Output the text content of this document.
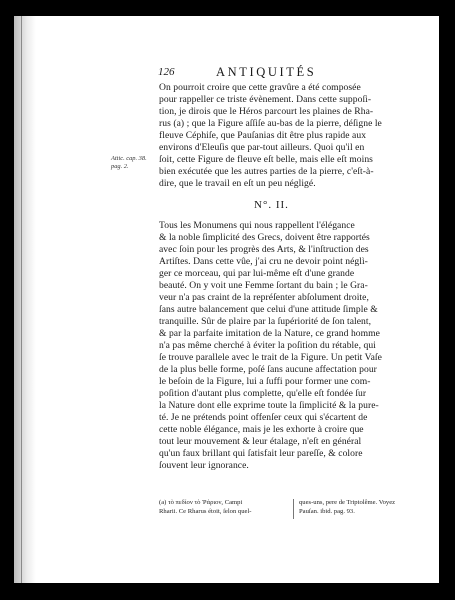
126	ANTIQUITÉS
Attic. cap. 38.
pag. 2.
On pourroit croire que cette gravûre a été composée
pour rappeller ce triste évènement. Dans cette suppoſi-
tion, je dirois que le Héros parcourt les plaines de Rha-
rus (a) ; que la Figure aſſiſe au-bas de la pierre, déſigne le
fleuve Céphiſe, que Pauſanias dit être plus rapide aux
environs d'Eleuſis que par-tout ailleurs. Quoi qu'il en
ſoit, cette Figure de fleuve eſt belle, mais elle eſt moins
bien exécutée que les autres parties de la pierre, c'eſt-à-
dire, que le travail en eſt un peu négligé.
N°. II.
Tous les Monumens qui nous rappellent l'élégance
& la noble ſimplicité des Grecs, doivent être rapportés
avec ſoin pour les progrès des Arts, & l'inſtruction des
Artiſtes. Dans cette vûe, j'ai cru ne devoir point néglì-
ger ce morceau, qui par lui-même eſt d'une grande
beauté. On y voit une Femme ſortant du bain ; le Gra-
veur n'a pas craint de la repréſenter abſolument droite,
ſans autre balancement que celui d'une attitude ſimple &
tranquille. Sûr de plaire par la ſupériorité de ſon talent,
& par la parfaite imitation de la Nature, ce grand homme
n'a pas même cherché à éviter la poſition du rétable, qui
ſe trouve parallele avec le trait de la Figure. Un petit Vaſe
de la plus belle forme, poſé ſans aucune affectation pour
le beſoin de la Figure, lui a ſuffi pour former une com-
poſition d'autant plus complette, qu'elle eſt fondée ſur
la Nature dont elle exprime toute la ſimplicité & la pure-
té. Je ne prétends point offenſer ceux qui s'écartent de
cette noble élégance, mais je les exhorte à croire que
tout leur mouvement & leur étalage, n'eſt en général
qu'un faux brillant qui ſatisfait leur pareſſe, & colore
ſouvent leur ignorance.
(a) τὸ πεδίον τὸ Ῥάριον, Campi
Rharii. Ce Rharus étoit, ſelon quel-
ques-uns, pere de Triptolême. Voyez
Pauſan. ibid. pag. 93.
